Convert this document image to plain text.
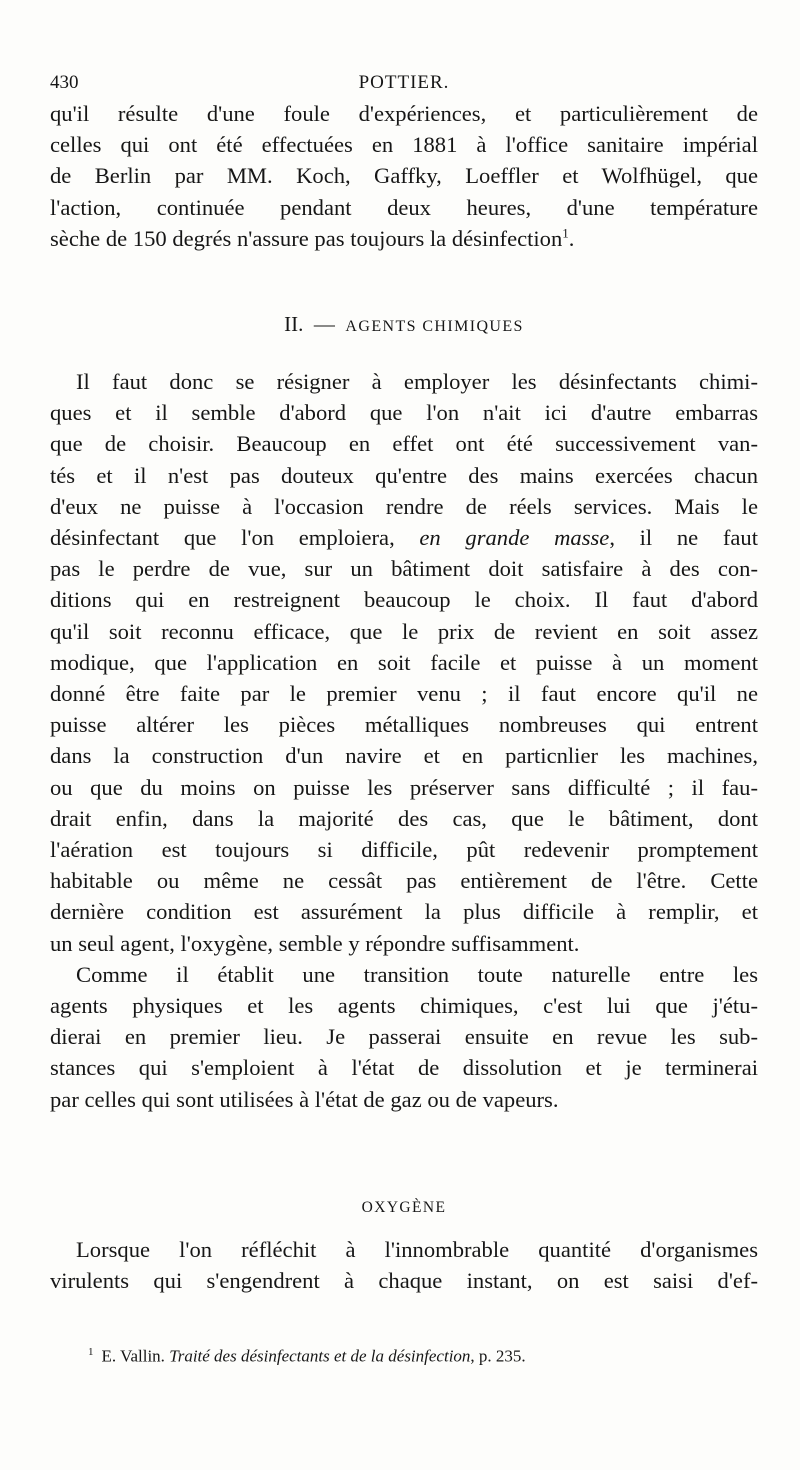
430	POTTIER.
qu'il résulte d'une foule d'expériences, et particulièrement de
celles qui ont été effectuées en 1881 à l'office sanitaire impérial
de Berlin par MM. Koch, Gaffky, Loeffler et Wolfhügel, que
l'action, continuée pendant deux heures, d'une température
sèche de 150 degrés n'assure pas toujours la désinfection$^1$.
II. — AGENTS CHIMIQUES
Il faut donc se résigner à employer les désinfectants chimi-
ques et il semble d'abord que l'on n'ait ici d'autre embarras
que de choisir. Beaucoup en effet ont été successivement van-
tés et il n'est pas douteux qu'entre des mains exercées chacun
d'eux ne puisse à l'occasion rendre de réels services. Mais le
désinfectant que l'on emploiera, en grande masse, il ne faut
pas le perdre de vue, sur un bâtiment doit satisfaire à des con-
ditions qui en restreignent beaucoup le choix. Il faut d'abord
qu'il soit reconnu efficace, que le prix de revient en soit assez
modique, que l'application en soit facile et puisse à un moment
donné être faite par le premier venu ; il faut encore qu'il ne
puisse altérer les pièces métalliques nombreuses qui entrent
dans la construction d'un navire et en particnlier les machines,
ou que du moins on puisse les préserver sans difficulté ; il fau-
drait enfin, dans la majorité des cas, que le bâtiment, dont
l'aération est toujours si difficile, pût redevenir promptement
habitable ou même ne cessât pas entièrement de l'être. Cette
dernière condition est assurément la plus difficile à remplir, et
un seul agent, l'oxygène, semble y répondre suffisamment.
Comme il établit une transition toute naturelle entre les
agents physiques et les agents chimiques, c'est lui que j'étu-
dierai en premier lieu. Je passerai ensuite en revue les sub-
stances qui s'emploient à l'état de dissolution et je terminerai
par celles qui sont utilisées à l'état de gaz ou de vapeurs.
OXYGÈNE
Lorsque l'on réfléchit à l'innombrable quantité d'organismes
virulents qui s'engendrent à chaque instant, on est saisi d'ef-
$^1$ E. Vallin. Traité des désinfectants et de la désinfection, p. 235.
